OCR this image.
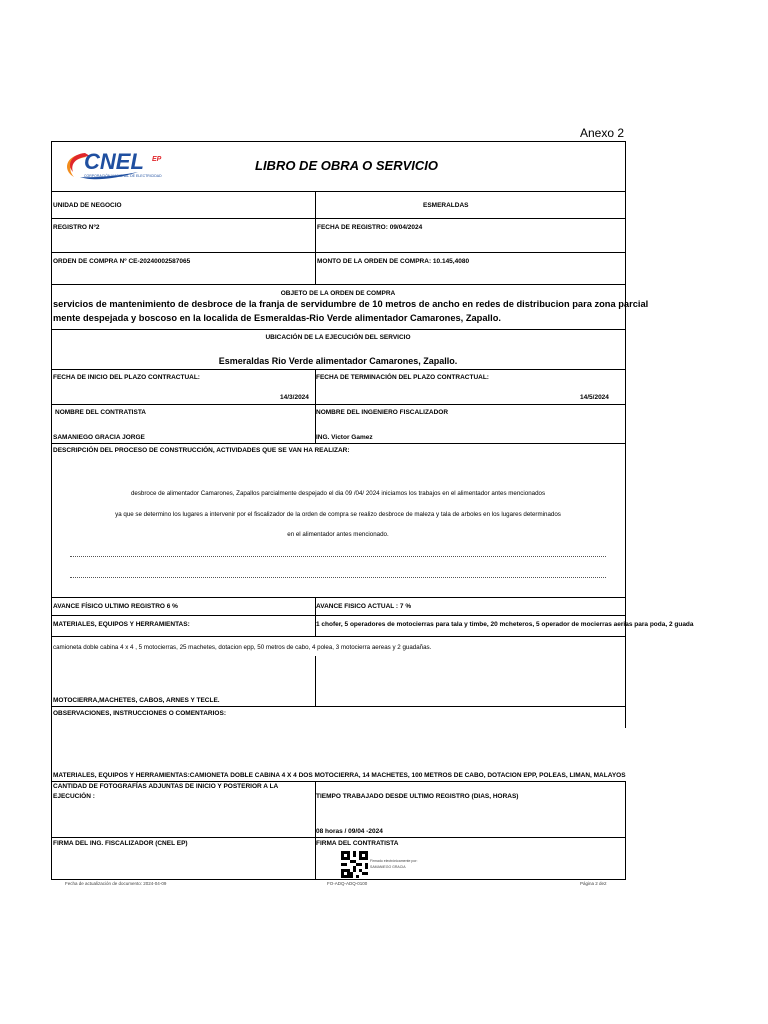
Anexo 2
CNEL EP
CORPORACIÓN NACIONAL DE ELECTRICIDAD
LIBRO DE OBRA O SERVICIO
UNIDAD DE NEGOCIO	ESMERALDAS
REGISTRO Nº2	FECHA DE REGISTRO: 09/04/2024
ORDEN DE COMPRA Nº CE-20240002587065	MONTO DE LA ORDEN DE COMPRA: 10.145,4080
OBJETO DE LA ORDEN DE COMPRA
servicios de mantenimiento de desbroce de la franja de servidumbre de 10 metros de ancho en redes de distribucion para zona parcial
mente despejada y boscoso en la localida de Esmeraldas-Rio Verde alimentador Camarones, Zapallo.
UBICACIÓN DE LA EJECUCIÓN DEL SERVICIO
Esmeraldas Rio Verde alimentador Camarones, Zapallo.
FECHA DE INICIO DEL PLAZO CONTRACTUAL:
14/3/2024
FECHA DE TERMINACIÓN DEL PLAZO CONTRACTUAL:
14/5/2024
NOMBRE DEL CONTRATISTA
SAMANIEGO GRACIA JORGE
NOMBRE DEL INGENIERO FISCALIZADOR
ING. Victor Gamez
DESCRIPCIÓN DEL PROCESO DE CONSTRUCCIÓN, ACTIVIDADES QUE SE VAN HA REALIZAR:
desbroce de alimentador Camarones, Zapallos parcialmente despejado el dia 09 /04/ 2024 iniciamos los trabajos en el alimentador antes mencionados
ya que se determino los lugares a intervenir por el fiscalizador de la orden de compra se realizo desbroce de maleza y tala de arboles en los lugares determinados
en el alimentador antes mencionado.
AVANCE FÍSICO ULTIMO REGISTRO 6 %	AVANCE FISICO ACTUAL : 7 %
MATERIALES, EQUIPOS Y HERRAMIENTAS:	1 chofer, 5 operadores de motocierras para tala y timbe, 20 mcheteros, 5 operador de mocierras aerias para poda, 2 guada
camioneta doble cabina 4 x 4 , 5 motocierras, 25 machetes, dotacion epp, 50 metros de cabo, 4 polea, 3 motocierra aereas y 2 guadañas.
MOTOCIERRA,MACHETES, CABOS, ARNES Y TECLE.
OBSERVACIONES, INSTRUCCIONES O COMENTARIOS:
MATERIALES, EQUIPOS Y HERRAMIENTAS:CAMIONETA DOBLE CABINA 4 X 4 DOS MOTOCIERRA, 14 MACHETES, 100 METROS DE CABO, DOTACION EPP, POLEAS, LIMAN, MALAYOS
CANTIDAD DE FOTOGRAFÍAS ADJUNTAS DE INICIO Y POSTERIOR A LA
EJECUCIÓN :	TIEMPO TRABAJADO DESDE ULTIMO REGISTRO (DIAS, HORAS)
08 horas / 09/04 -2024
FIRMA DEL ING. FISCALIZADOR (CNEL EP)	FIRMA DEL CONTRATISTA
Firmado electrónicamente por:
SAMANIEGO GRACIA
Fecha de actualización de documento: 2024-04-09	FO-ADQ-ADQ-0100	Página 2 de2
